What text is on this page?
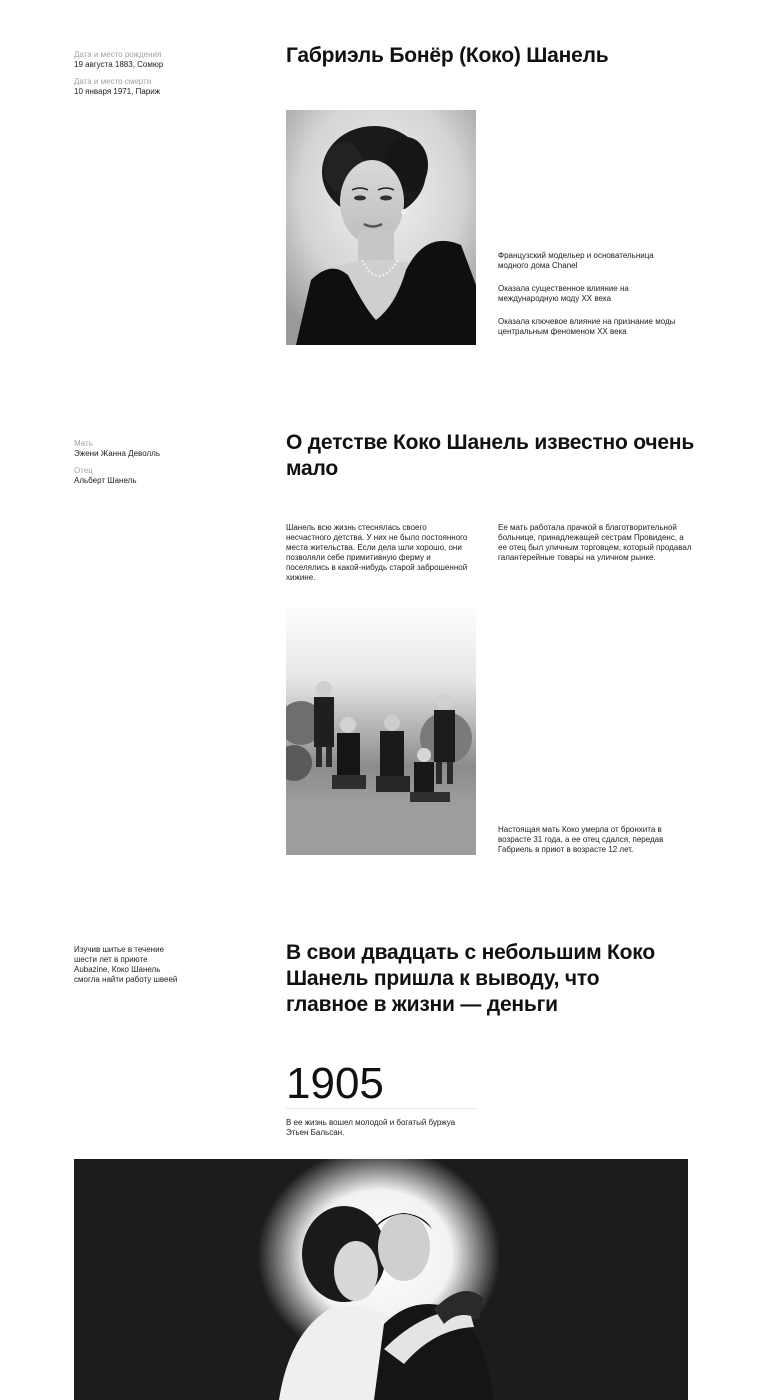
Дата и место рождения
19 августа 1883, Сомюр
Дата и место смерти
10 января 1971, Париж
Габриэль Бонёр (Коко) Шанель
Французский модельер и основательница модного дома Chanel
Оказала существенное влияние на международную моду XX века
Оказала ключевое влияние на признание моды центральным феноменом XX века
Мать
Эжени Жанна Деволль
Отец
Альберт Шанель
О детстве Коко Шанель известно очень мало
Шанель всю жизнь стеснялась своего несчастного детства. У них не было постоянного места жительства. Если дела шли хорошо, они позволяли себе примитивную ферму и поселялись в какой-нибудь старой заброшенной хижине.
Ее мать работала прачкой в благотворительной больнице, принадлежащей сестрам Провиденс, а ее отец был уличным торговцем, который продавал галантерейные товары на уличном рынке.
Настоящая мать Коко умерла от бронхита в возрасте 31 года, а ее отец сдался, передав Габриель в приют в возрасте 12 лет.
Изучив шитье в течение шести лет в приюте Aubazine, Коко Шанель смогла найти работу швеей
В свои двадцать с небольшим Коко Шанель пришла к выводу, что главное в жизни — деньги
1905
В ее жизнь вошел молодой и богатый буржуа Этьен Бальсан.
